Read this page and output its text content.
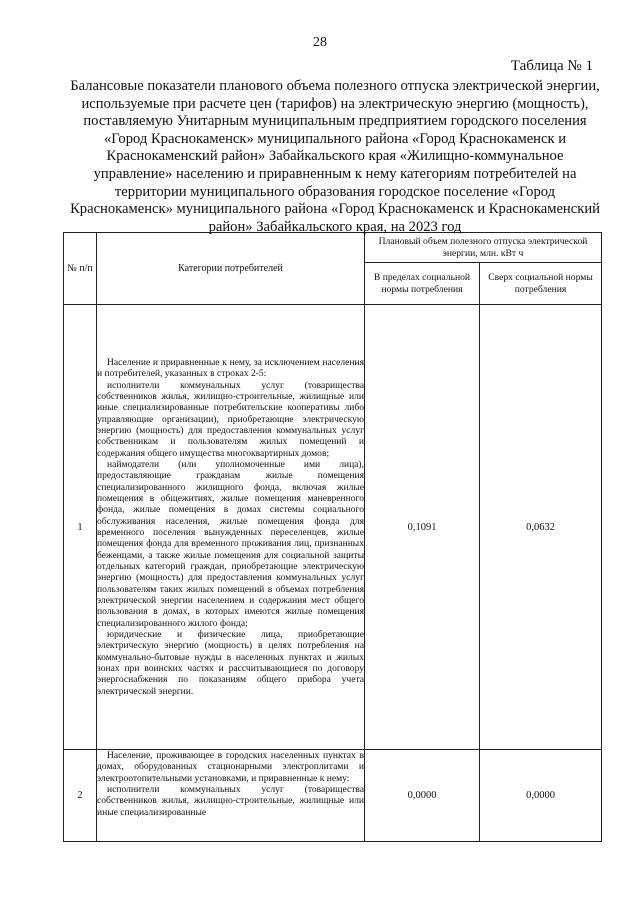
28
Таблица № 1
Балансовые показатели планового объема полезного отпуска электрической энергии, используемые при расчете цен (тарифов) на электрическую энергию (мощность), поставляемую Унитарным муниципальным предприятием городского поселения «Город Краснокаменск» муниципального района «Город Краснокаменск и Краснокаменский район» Забайкальского края «Жилищно-коммунальное управление» населению и приравненным к нему категориям потребителей на территории муниципального образования городское поселение «Город Краснокаменск» муниципального района «Город Краснокаменск и Краснокаменский район» Забайкальского края, на 2023 год
№ п/п	Категории потребителей	Плановый объем полезного отпуска электрической энергии, млн. кВт ч	
		В пределах социальной нормы потребления	Сверх социальной нормы потребления
1	Население и приравненные к нему, за исключением населения и потребителей, указанных в строках 2-5:

исполнители коммунальных услуг (товарищества собственников жилья, жилищно-строительные, жилищные или иные специализированные потребительские кооперативы либо управляющие организации), приобретающие электрическую энергию (мощность) для предоставления коммунальных услуг собственникам и пользователям жилых помещений и содержания общего имущества многоквартирных домов;

наймодатели (или уполномоченные ими лица), предоставляющие гражданам жилые помещения специализированного жилищного фонда, включая жилые помещения в общежитиях, жилые помещения маневренного фонда, жилые помещения в домах системы социального обслуживания населения, жилые помещения фонда для временного поселения вынужденных переселенцев, жилые помещения фонда для временного проживания лиц, признанных беженцами, а также жилые помещения для социальной защиты отдельных категорий граждан, приобретающие электрическую энергию (мощность) для предоставления коммунальных услуг пользователям таких жилых помещений в объемах потребления электрической энергии населением и содержания мест общего пользования в домах, в которых имеются жилые помещения специализированного жилого фонда;

юридические и физические лица, приобретающие электрическую энергию (мощность) в целях потребления на коммунально-бытовые нужды в населенных пунктах и жилых зонах при воинских частях и рассчитывающиеся по договору энергоснабжения по показаниям общего прибора учета электрической энергии.	0,1091	0,0632
2	Население, проживающее в городских населенных пунктах в домах, оборудованных стационарными электроплитами и электроотопительными установками, и приравненные к нему:

исполнители коммунальных услуг (товарищества собственников жилья, жилищно-строительные, жилищные или иные специализированные	0,0000	0,0000
